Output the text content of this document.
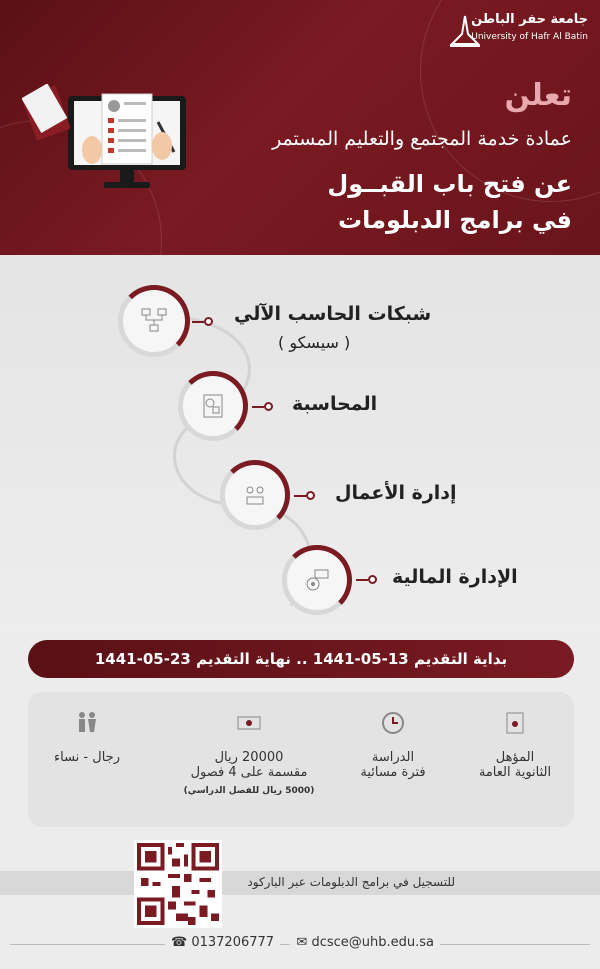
جامعة حفر الباطن
University of Hafr Al Batin
تعلن
عمادة خدمة المجتمع والتعليم المستمر
عن فتح باب القبــول
في برامج الدبلومات
شبكات الحاسب الآلي
( سيسكو )
المحاسبة
إدارة الأعمال
الإدارة المالية
بداية التقديم 13-05-1441 .. نهاية التقديم 23-05-1441
المؤهل
الثانوية العامة
الدراسة
فترة مسائية
20000 ريال
مقسمة على 4 فصول
(5000 ريال للفصل الدراسي)
رجال - نساء
للتسجيل في برامج الدبلومات عبر الباركود
✉ dcsce@uhb.edu.sa
☎ 0137206777
